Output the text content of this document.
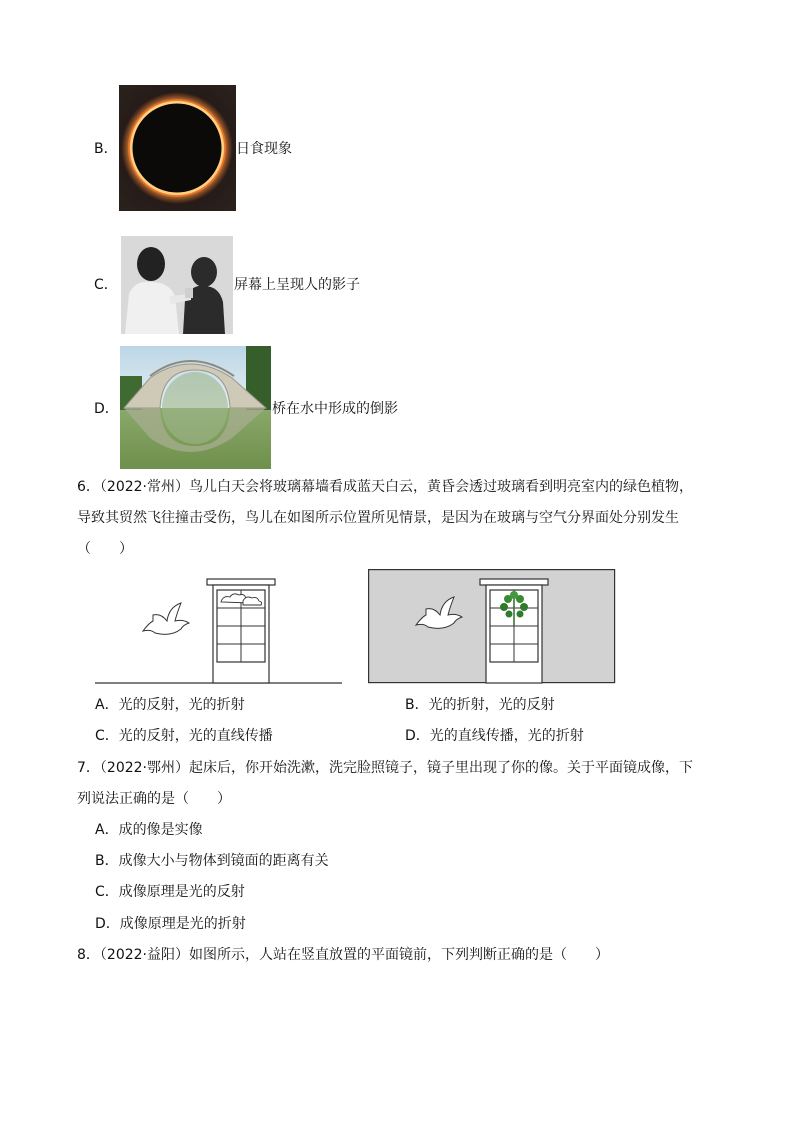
B．	日食现象
C．	屏幕上呈现人的影子
D．	桥在水中形成的倒影
6．（2022·常州）鸟儿白天会将玻璃幕墙看成蓝天白云，黄昏会透过玻璃看到明亮室内的绿色植物，
导致其贸然飞往撞击受伤，鸟儿在如图所示位置所见情景，是因为在玻璃与空气分界面处分别发生
（　　）
A．光的反射，光的折射	B．光的折射，光的反射
C．光的反射，光的直线传播	D．光的直线传播，光的折射
7．（2022·鄂州）起床后，你开始洗漱，洗完脸照镜子，镜子里出现了你的像。关于平面镜成像，下
列说法正确的是（　　）
A．成的像是实像
B．成像大小与物体到镜面的距离有关
C．成像原理是光的反射
D．成像原理是光的折射
8．（2022·益阳）如图所示，人站在竖直放置的平面镜前，下列判断正确的是（　　）
